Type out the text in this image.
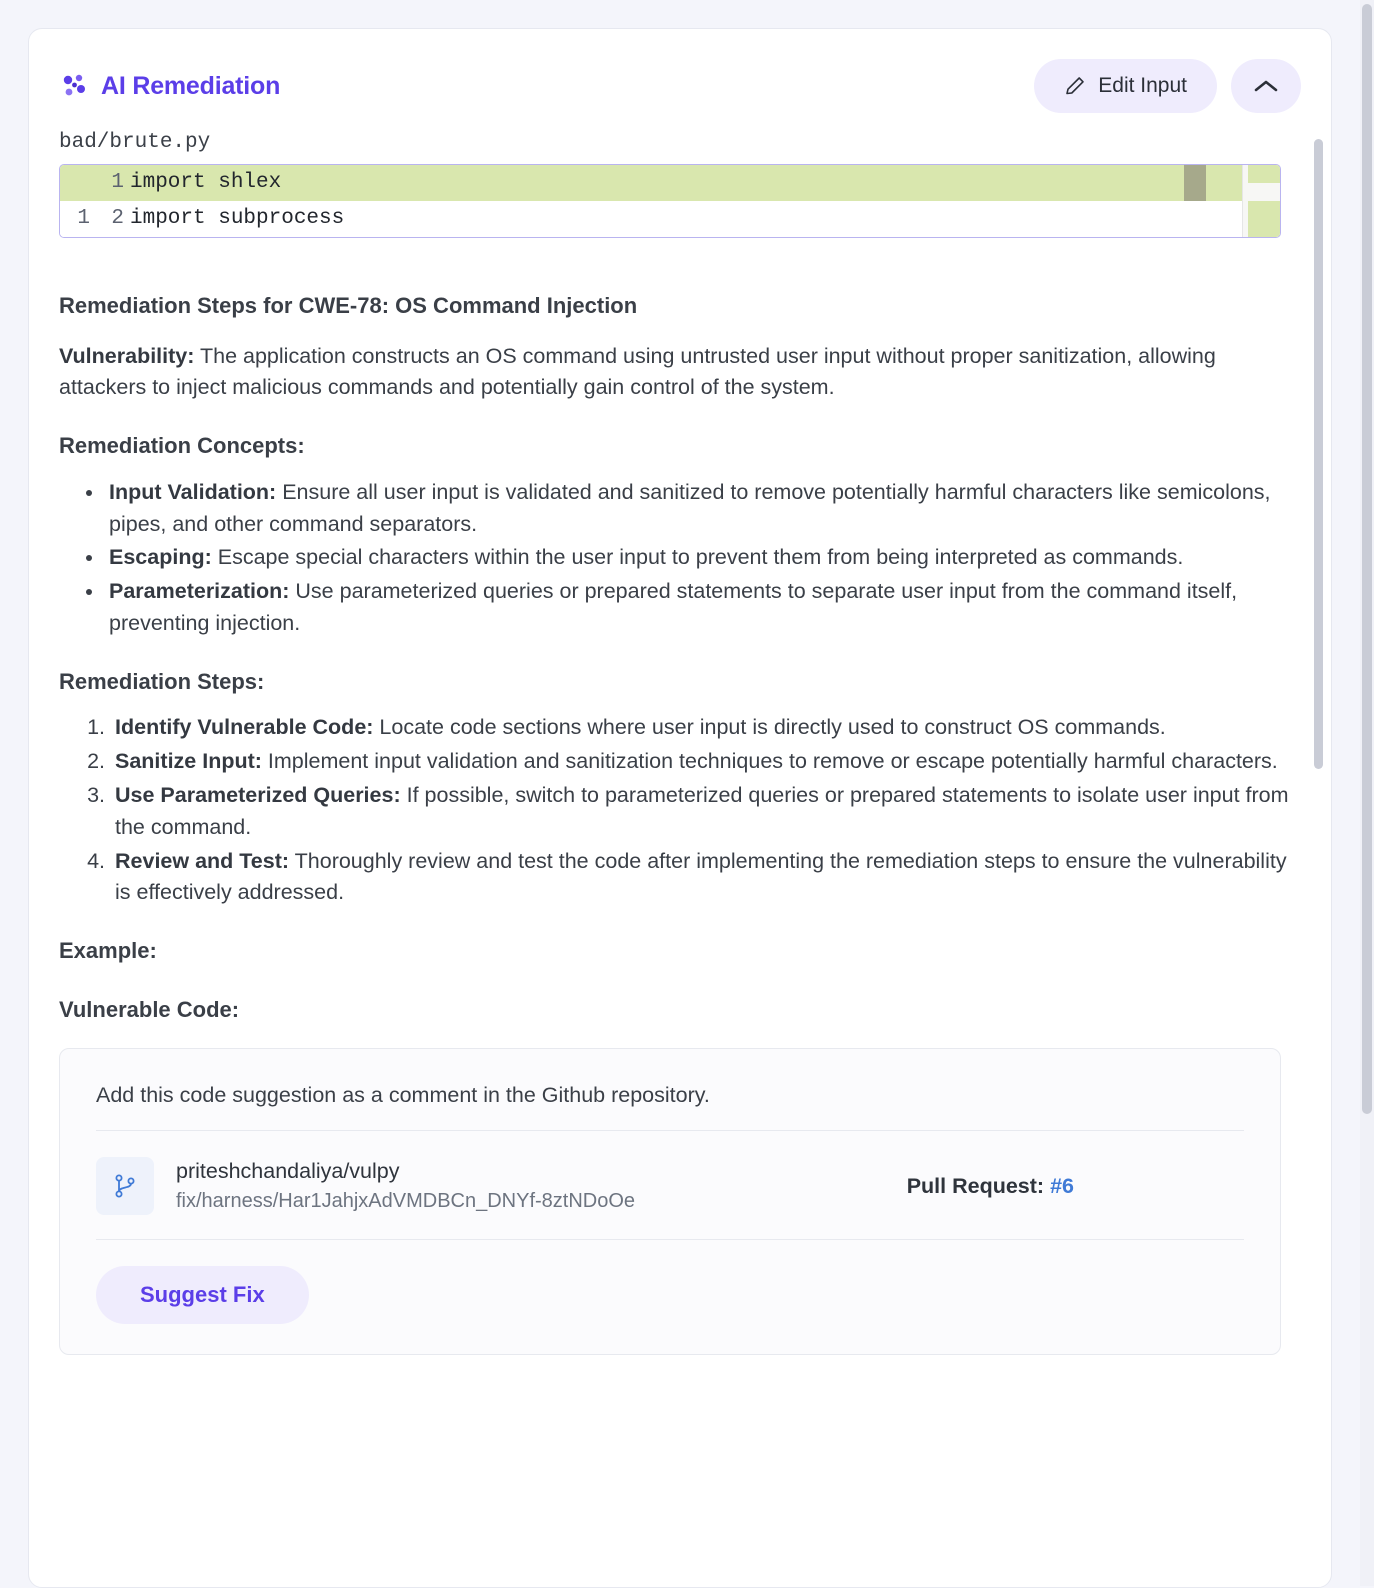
AI Remediation	Edit Input
bad/brute.py
1 import shlex
1	2 import subprocess
Remediation Steps for CWE-78: OS Command Injection

Vulnerability: The application constructs an OS command using untrusted user input without proper sanitization, allowing attackers to inject malicious commands and potentially gain control of the system.

Remediation Concepts:
• Input Validation: Ensure all user input is validated and sanitized to remove potentially harmful characters like semicolons, pipes, and other command separators.
• Escaping: Escape special characters within the user input to prevent them from being interpreted as commands.
• Parameterization: Use parameterized queries or prepared statements to separate user input from the command itself, preventing injection.
Remediation Steps:
1. Identify Vulnerable Code: Locate code sections where user input is directly used to construct OS commands.
2. Sanitize Input: Implement input validation and sanitization techniques to remove or escape potentially harmful characters.
3. Use Parameterized Queries: If possible, switch to parameterized queries or prepared statements to isolate user input from the command.
4. Review and Test: Thoroughly review and test the code after implementing the remediation steps to ensure the vulnerability is effectively addressed.
Example:
Vulnerable Code:
Add this code suggestion as a comment in the Github repository.
priteshchandaliya/vulpy
fix/harness/Har1JahjxAdVMDBCn_DNYf-8ztNDoOe
Pull Request: #6
Suggest Fix
